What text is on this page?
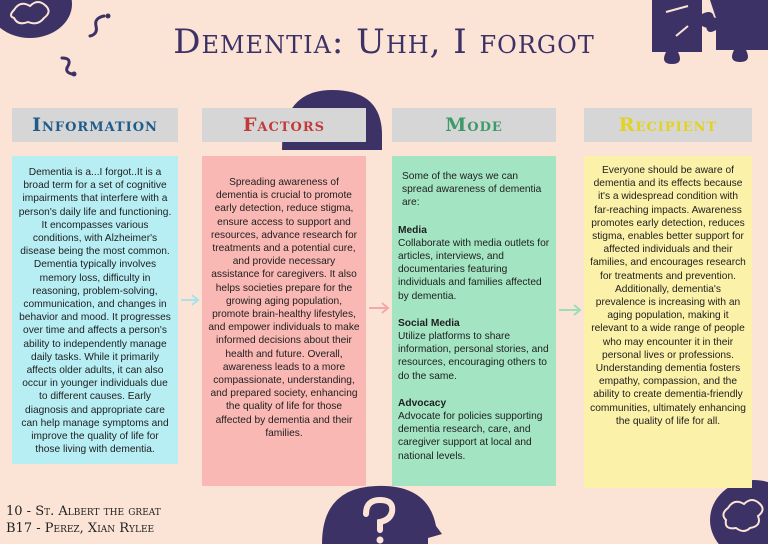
Dementia: Uhh, I forgot
Information	Factors	Mode	Recipient

Dementia is a...I forgot..It is a broad term for a set of cognitive impairments that interfere with a person's daily life and functioning. It encompasses various conditions, with Alzheimer's disease being the most common. Dementia typically involves memory loss, difficulty in reasoning, problem-solving, communication, and changes in behavior and mood. It progresses over time and affects a person's ability to independently manage daily tasks. While it primarily affects older adults, it can also occur in younger individuals due to different causes. Early diagnosis and appropriate care can help manage symptoms and improve the quality of life for those living with dementia.

Spreading awareness of dementia is crucial to promote early detection, reduce stigma, ensure access to support and resources, advance research for treatments and a potential cure, and provide necessary assistance for caregivers. It also helps societies prepare for the growing aging population, promote brain-healthy lifestyles, and empower individuals to make informed decisions about their health and future. Overall, awareness leads to a more compassionate, understanding, and prepared society, enhancing the quality of life for those affected by dementia and their families.

Some of the ways we can spread awareness of dementia are:

Media
Collaborate with media outlets for articles, interviews, and documentaries featuring individuals and families affected by dementia.
Social Media
Utilize platforms to share information, personal stories, and resources, encouraging others to do the same.
Advocacy
Advocate for policies supporting dementia research, care, and caregiver support at local and national levels.

Everyone should be aware of dementia and its effects because it's a widespread condition with far-reaching impacts. Awareness promotes early detection, reduces stigma, enables better support for affected individuals and their families, and encourages research for treatments and prevention. Additionally, dementia's prevalence is increasing with an aging population, making it relevant to a wide range of people who may encounter it in their personal lives or professions. Understanding dementia fosters empathy, compassion, and the ability to create dementia-friendly communities, ultimately enhancing the quality of life for all.

10 - St. Albert the great
B17 - Perez, Xian Rylee
